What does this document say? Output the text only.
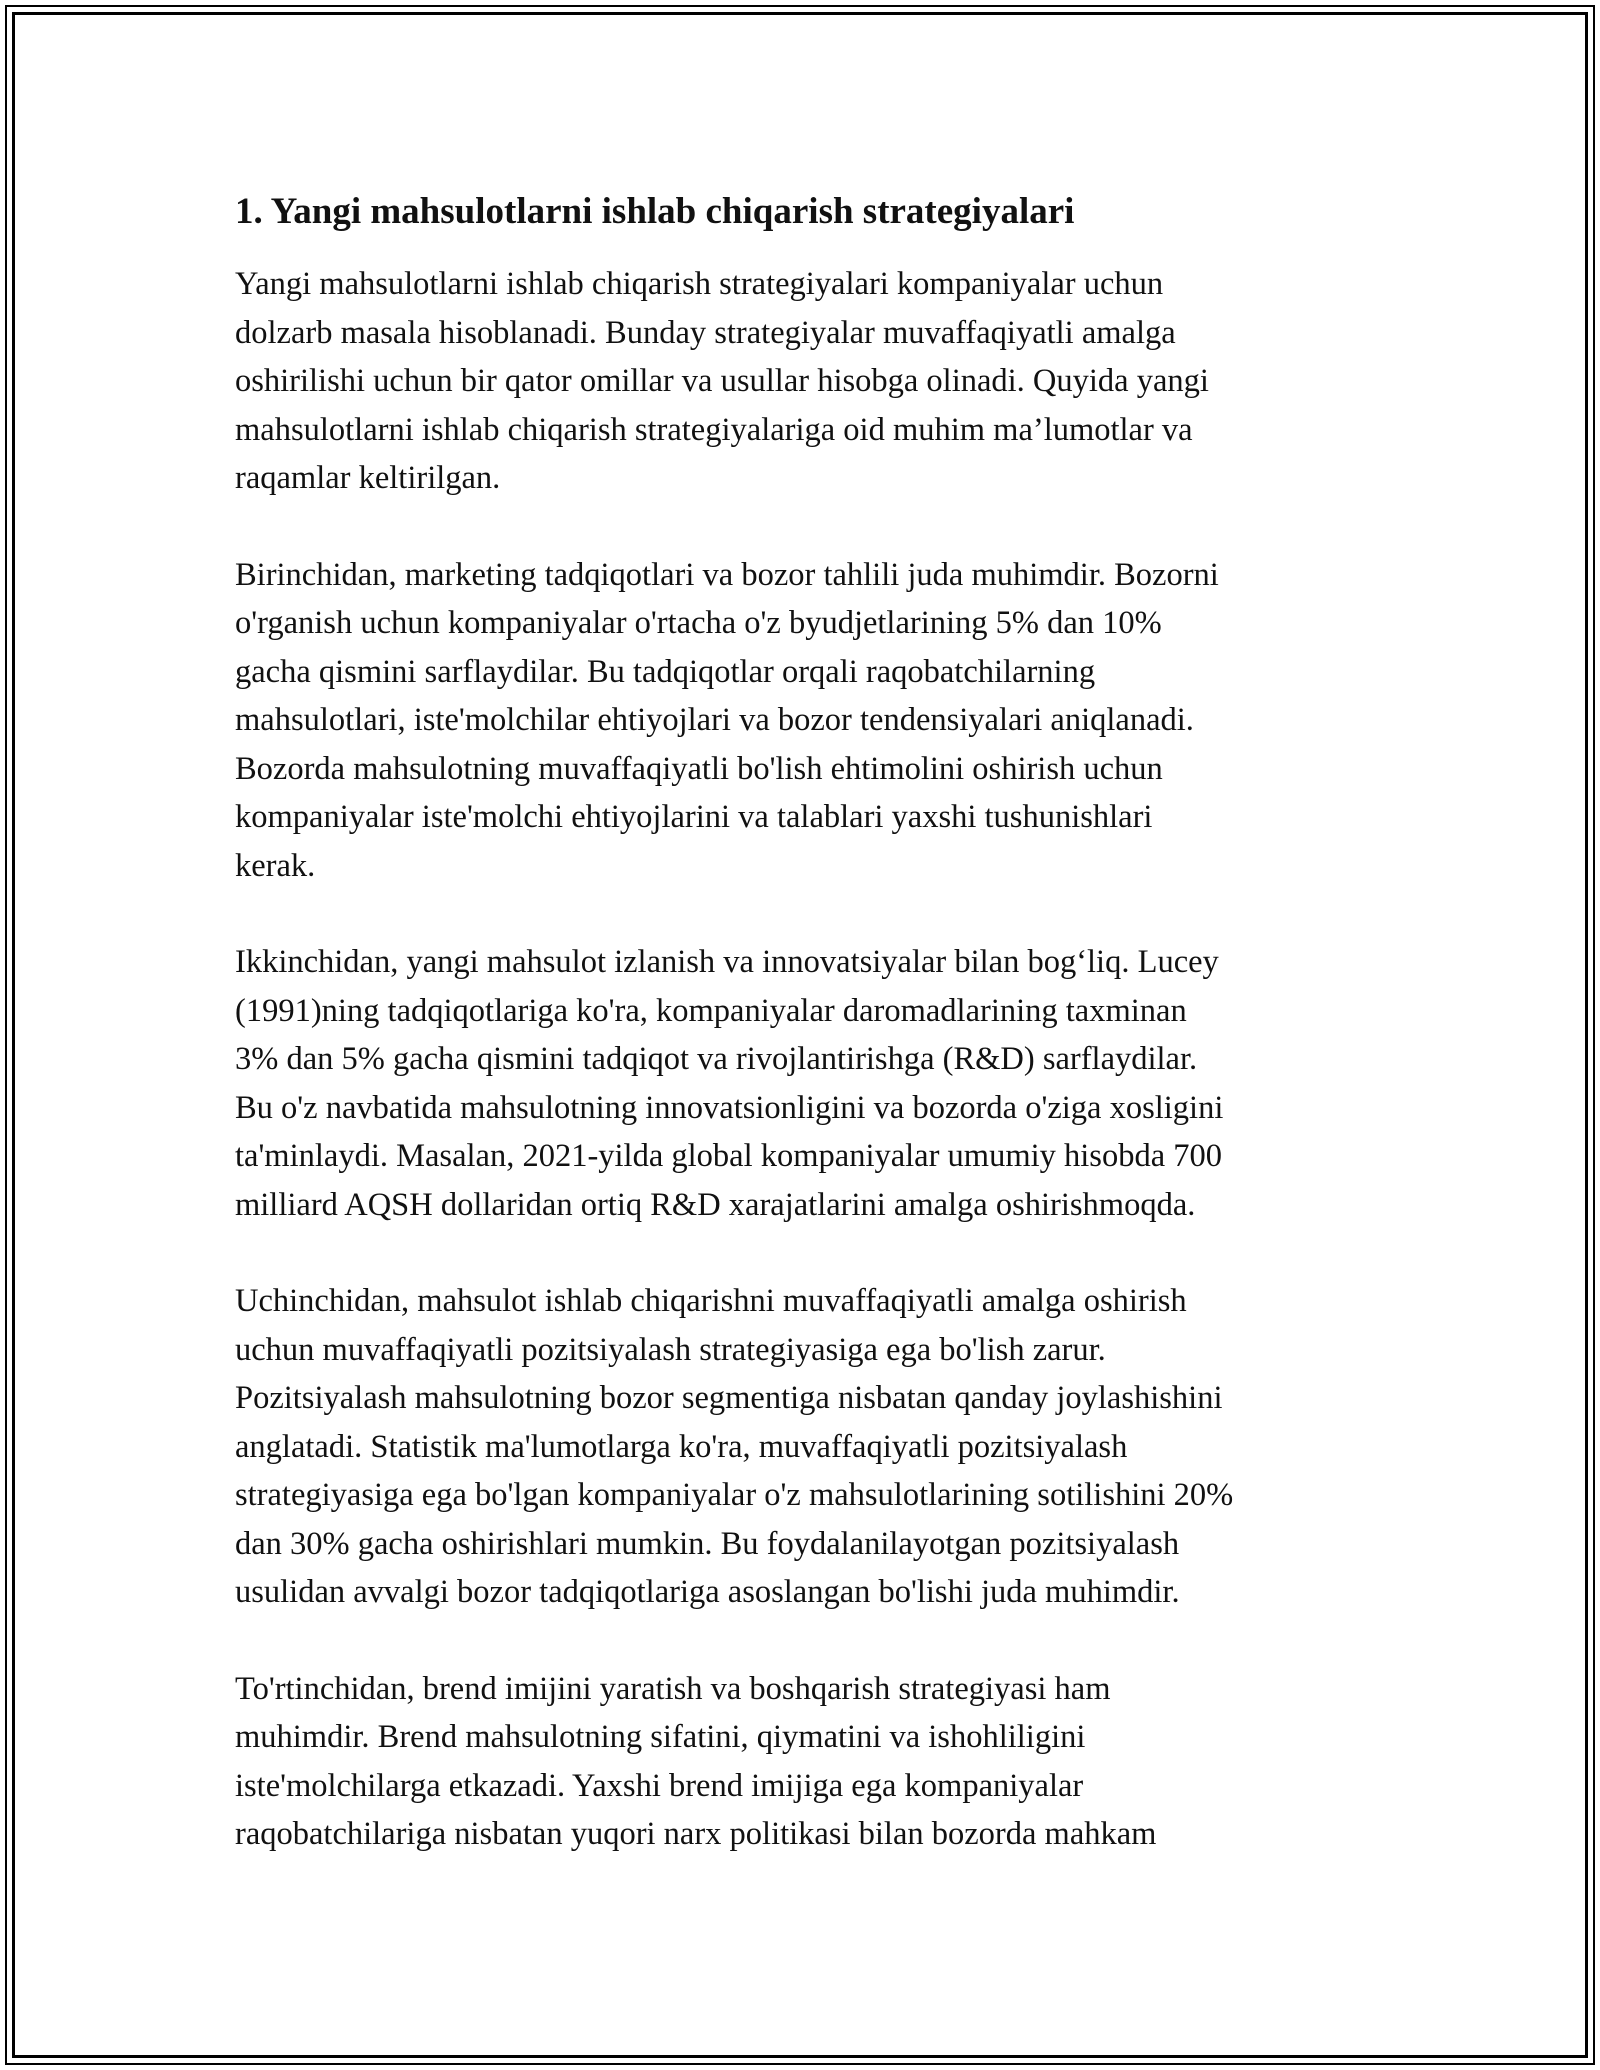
1. Yangi mahsulotlarni ishlab chiqarish strategiyalari

Yangi mahsulotlarni ishlab chiqarish strategiyalari kompaniyalar uchun
dolzarb masala hisoblanadi. Bunday strategiyalar muvaffaqiyatli amalga
oshirilishi uchun bir qator omillar va usullar hisobga olinadi. Quyida yangi
mahsulotlarni ishlab chiqarish strategiyalariga oid muhim ma’lumotlar va
raqamlar keltirilgan.

Birinchidan, marketing tadqiqotlari va bozor tahlili juda muhimdir. Bozorni
o'rganish uchun kompaniyalar o'rtacha o'z byudjetlarining 5% dan 10%
gacha qismini sarflaydilar. Bu tadqiqotlar orqali raqobatchilarning
mahsulotlari, iste'molchilar ehtiyojlari va bozor tendensiyalari aniqlanadi.
Bozorda mahsulotning muvaffaqiyatli bo'lish ehtimolini oshirish uchun
kompaniyalar iste'molchi ehtiyojlarini va talablari yaxshi tushunishlari
kerak.

Ikkinchidan, yangi mahsulot izlanish va innovatsiyalar bilan bog‘liq. Lucey
(1991)ning tadqiqotlariga ko'ra, kompaniyalar daromadlarining taxminan
3% dan 5% gacha qismini tadqiqot va rivojlantirishga (R&D) sarflaydilar.
Bu o'z navbatida mahsulotning innovatsionligini va bozorda o'ziga xosligini
ta'minlaydi. Masalan, 2021-yilda global kompaniyalar umumiy hisobda 700
milliard AQSH dollaridan ortiq R&D xarajatlarini amalga oshirishmoqda.

Uchinchidan, mahsulot ishlab chiqarishni muvaffaqiyatli amalga oshirish
uchun muvaffaqiyatli pozitsiyalash strategiyasiga ega bo'lish zarur.
Pozitsiyalash mahsulotning bozor segmentiga nisbatan qanday joylashishini
anglatadi. Statistik ma'lumotlarga ko'ra, muvaffaqiyatli pozitsiyalash
strategiyasiga ega bo'lgan kompaniyalar o'z mahsulotlarining sotilishini 20%
dan 30% gacha oshirishlari mumkin. Bu foydalanilayotgan pozitsiyalash
usulidan avvalgi bozor tadqiqotlariga asoslangan bo'lishi juda muhimdir.

To'rtinchidan, brend imijini yaratish va boshqarish strategiyasi ham
muhimdir. Brend mahsulotning sifatini, qiymatini va ishohliligini
iste'molchilarga etkazadi. Yaxshi brend imijiga ega kompaniyalar
raqobatchilariga nisbatan yuqori narx politikasi bilan bozorda mahkam
